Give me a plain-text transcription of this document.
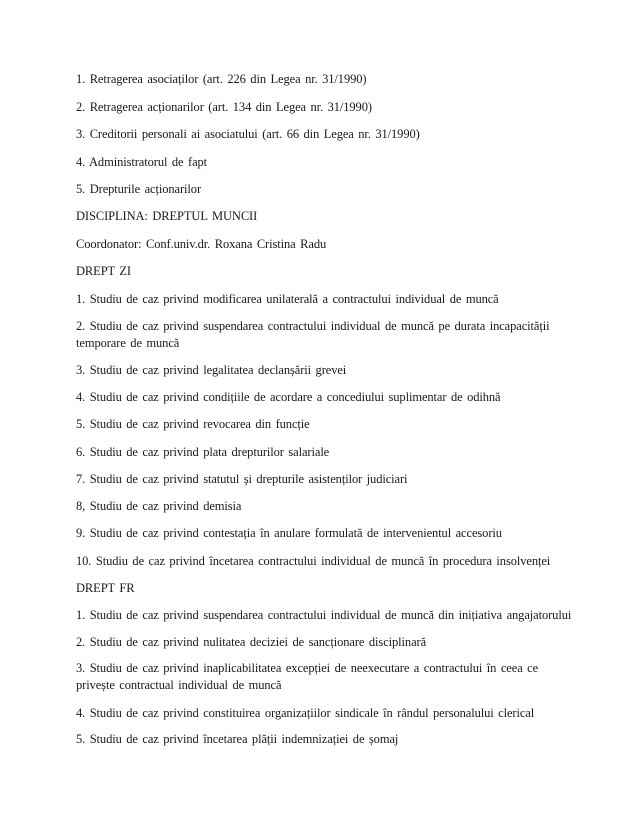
1. Retragerea asociaților (art. 226 din Legea nr. 31/1990)
2. Retragerea acționarilor (art. 134 din Legea nr. 31/1990)
3. Creditorii personali ai asociatului (art. 66 din Legea nr. 31/1990)
4. Administratorul de fapt
5. Drepturile acționarilor
DISCIPLINA: DREPTUL MUNCII
Coordonator: Conf.univ.dr. Roxana Cristina Radu
DREPT ZI
1. Studiu de caz privind modificarea unilaterală a contractului individual de muncă
2. Studiu de caz privind suspendarea contractului individual de muncă pe durata incapacității temporare de muncă
3. Studiu de caz privind legalitatea declanșării grevei
4. Studiu de caz privind condițiile de acordare a concediului suplimentar de odihnă
5. Studiu de caz privind revocarea din funcție
6. Studiu de caz privind plata drepturilor salariale
7. Studiu de caz privind statutul și drepturile asistenților judiciari
8, Studiu de caz privind demisia
9. Studiu de caz privind contestația în anulare formulată de intervenientul accesoriu
10. Studiu de caz privind încetarea contractului individual de muncă în procedura insolvenței
DREPT FR
1. Studiu de caz privind suspendarea contractului individual de muncă din inițiativa angajatorului
2. Studiu de caz privind nulitatea deciziei de sancționare disciplinară
3. Studiu de caz privind inaplicabilitatea excepției de neexecutare a contractului în ceea ce privește contractual individual de muncă
4. Studiu de caz privind constituirea organizațiilor sindicale în rândul personalului clerical
5. Studiu de caz privind încetarea plății indemnizației de șomaj
